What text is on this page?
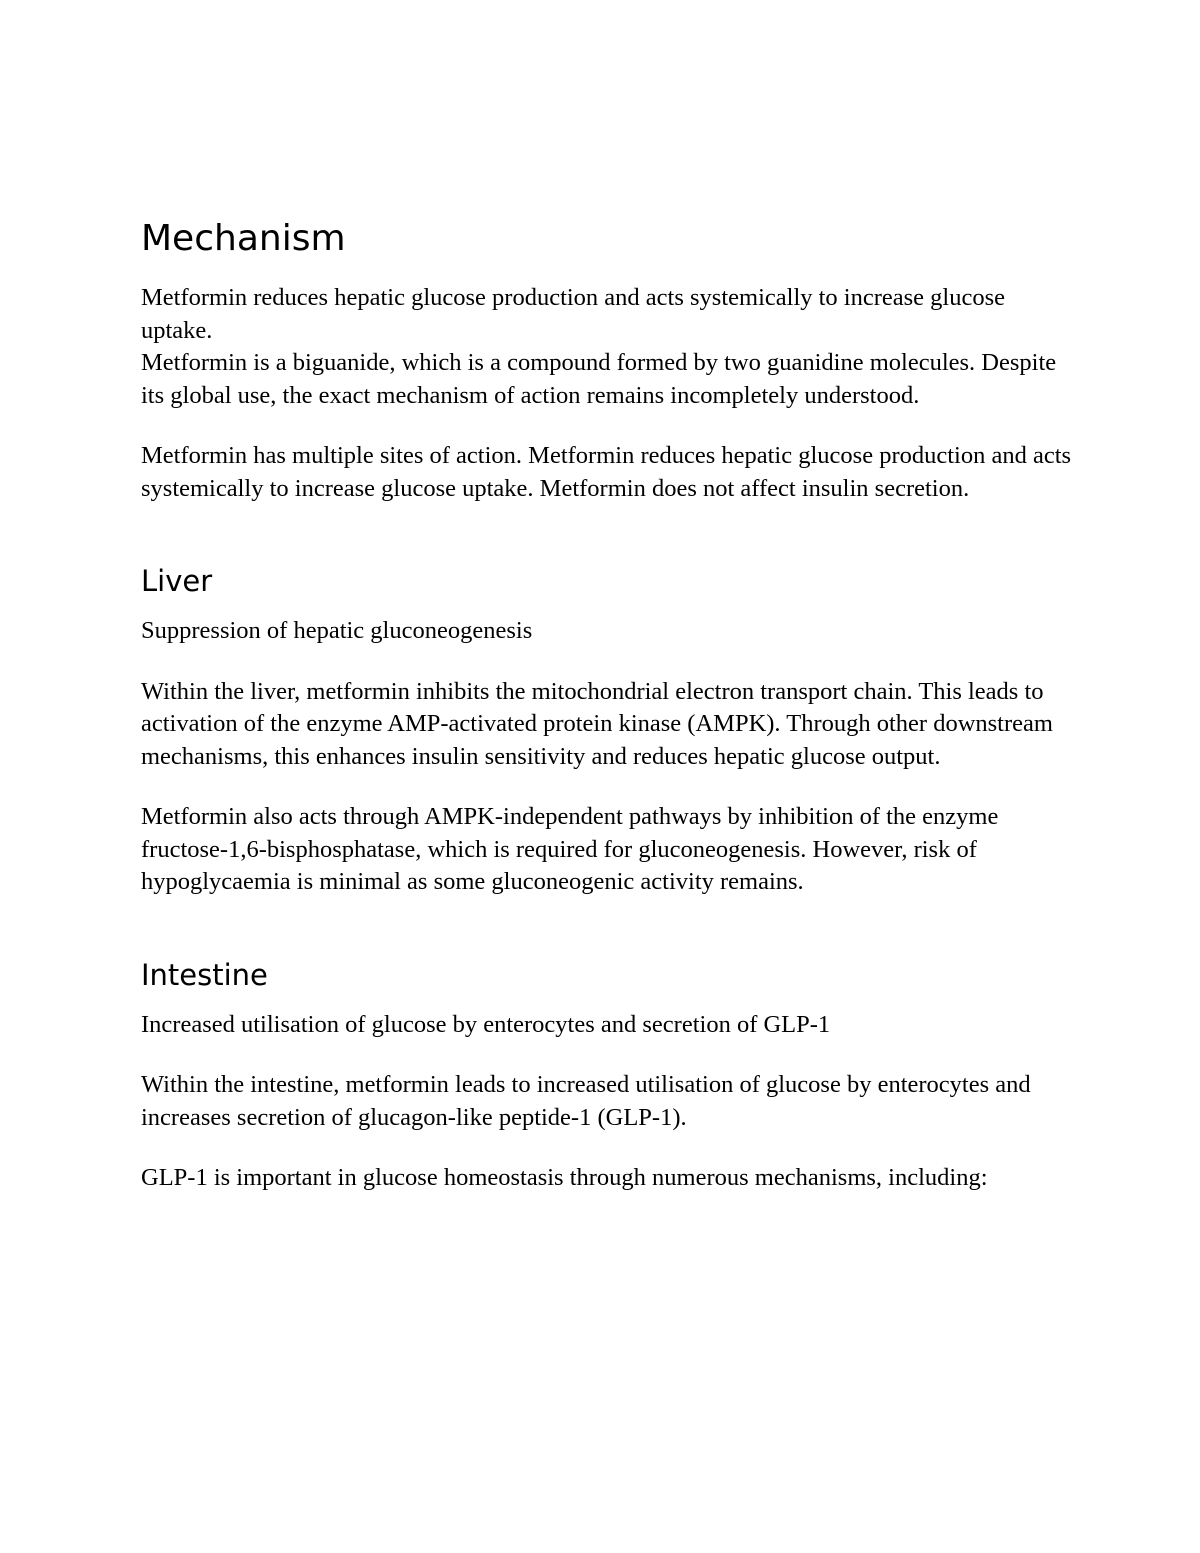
Mechanism

Metformin reduces hepatic glucose production and acts systemically to increase glucose uptake.

Metformin is a biguanide, which is a compound formed by two guanidine molecules. Despite its global use, the exact mechanism of action remains incompletely understood.

Metformin has multiple sites of action. Metformin reduces hepatic glucose production and acts systemically to increase glucose uptake. Metformin does not affect insulin secretion.

Liver

Suppression of hepatic gluconeogenesis

Within the liver, metformin inhibits the mitochondrial electron transport chain. This leads to activation of the enzyme AMP-activated protein kinase (AMPK). Through other downstream mechanisms, this enhances insulin sensitivity and reduces hepatic glucose output.

Metformin also acts through AMPK-independent pathways by inhibition of the enzyme fructose-1,6-bisphosphatase, which is required for gluconeogenesis. However, risk of hypoglycaemia is minimal as some gluconeogenic activity remains.

Intestine

Increased utilisation of glucose by enterocytes and secretion of GLP-1

Within the intestine, metformin leads to increased utilisation of glucose by enterocytes and increases secretion of glucagon-like peptide-1 (GLP-1).

GLP-1 is important in glucose homeostasis through numerous mechanisms, including:
